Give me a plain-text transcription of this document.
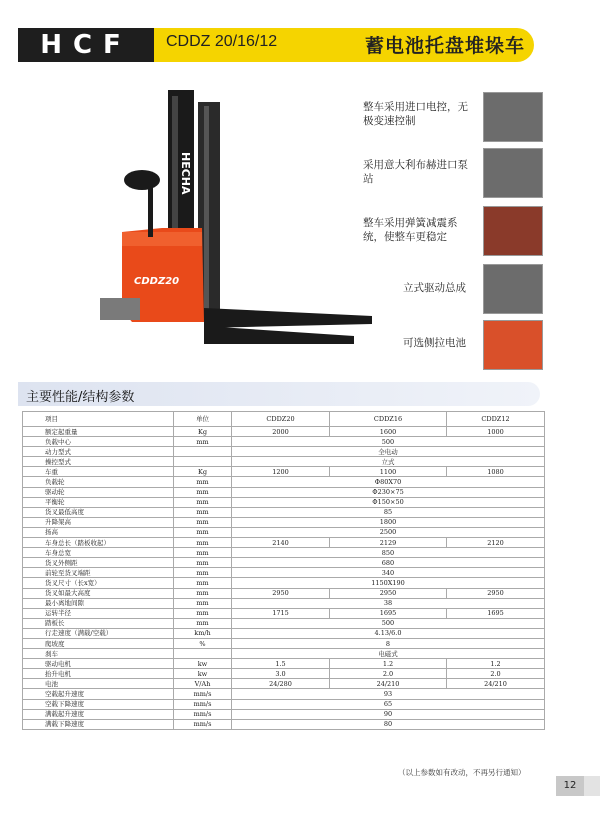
HCF	CDDZ 20/16/12	蓄电池托盘堆垛车
HECHA
CDDZ20
整车采用进口电控，无极变速控制
采用意大利布赫进口泵站
整车采用弹簧减震系统，使整车更稳定
立式驱动总成
可选侧拉电池
主要性能/结构参数
项目	单位	CDDZ20	CDDZ16	CDDZ12
额定起重量	Kg	2000	1600	1000
负载中心	mm	500		
动力型式		全电动		
操控型式		立式		
车重	Kg	1200	1100	1080
负载轮	mm	Φ80X70		
驱动轮	mm	Φ230×75		
平衡轮	mm	Φ150×50		
货叉最低高度	mm	85		
升降架高	mm	1800		
扬高	mm	2500		
车身总长（踏板收起）	mm	2140	2129	2120
车身总宽	mm	850		
货叉外侧距	mm	680		
前轮至货叉端距	mm	340		
货叉尺寸（长x宽）	mm	1150X190		
货叉如最大高度	mm	2950	2950	2950
最小离地间隙	mm	38		
运转半径	mm	1715	1695	1695
踏板长	mm	500		
行走速度（满载/空载）	km/h	4.13/6.0		
爬坡度	%	8		
刹车		电磁式		
驱动电机	kw	1.5	1.2	1.2
抬升电机	kw	3.0	2.0	2.0
电池	V/Ah	24/280	24/210	24/210
空载起升速度	mm/s	93		
空载下降速度	mm/s	65		
满载起升速度	mm/s	90		
满载下降速度	mm/s	80		
（以上参数如有改动，不再另行通知）
12
